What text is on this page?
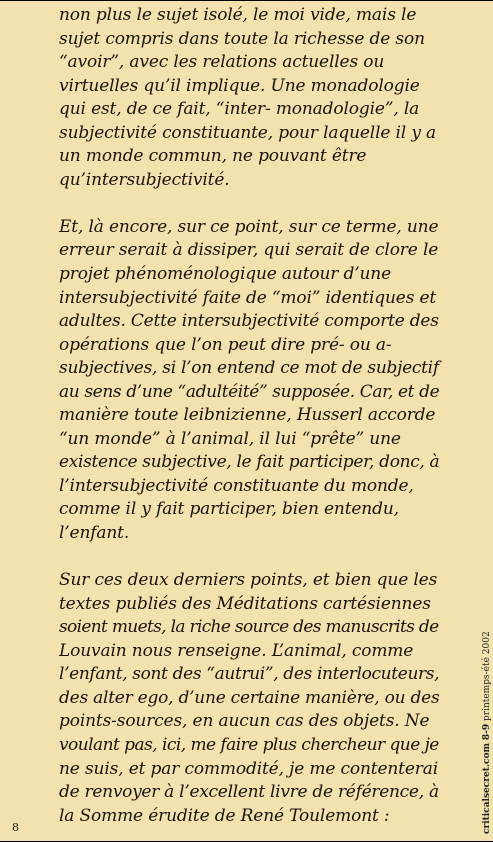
non plus le sujet isolé, le moi vide, mais le
sujet compris dans toute la richesse de son
“avoir”, avec les relations actuelles ou
virtuelles qu’il implique. Une monadologie
qui est, de ce fait, “inter- monadologie”, la
subjectivité constituante, pour laquelle il y a
un monde commun, ne pouvant être
qu’intersubjectivité.

Et, là encore, sur ce point, sur ce terme, une
erreur serait à dissiper, qui serait de clore le
projet phénoménologique autour d’une
intersubjectivité faite de “moi” identiques et
adultes. Cette intersubjectivité comporte des
opérations que l’on peut dire pré- ou a-
subjectives, si l’on entend ce mot de subjectif
au sens d’une “adultéité” supposée. Car, et de
manière toute leibnizienne, Husserl accorde
“un monde” à l’animal, il lui “prête” une
existence subjective, le fait participer, donc, à
l’intersubjectivité constituante du monde,
comme il y fait participer, bien entendu,
l’enfant.

Sur ces deux derniers points, et bien que les
textes publiés des Méditations cartésiennes
soient muets, la riche source des manuscrits de
Louvain nous renseigne. L’animal, comme
l’enfant, sont des “autrui”, des interlocuteurs,
des alter ego, d’une certaine manière, ou des
points-sources, en aucun cas des objets. Ne
voulant pas, ici, me faire plus chercheur que je
ne suis, et par commodité, je me contenterai
de renvoyer à l’excellent livre de référence, à
la Somme érudite de René Toulemont :

8	criticalsecret.com 8-9 printemps-été 2002
